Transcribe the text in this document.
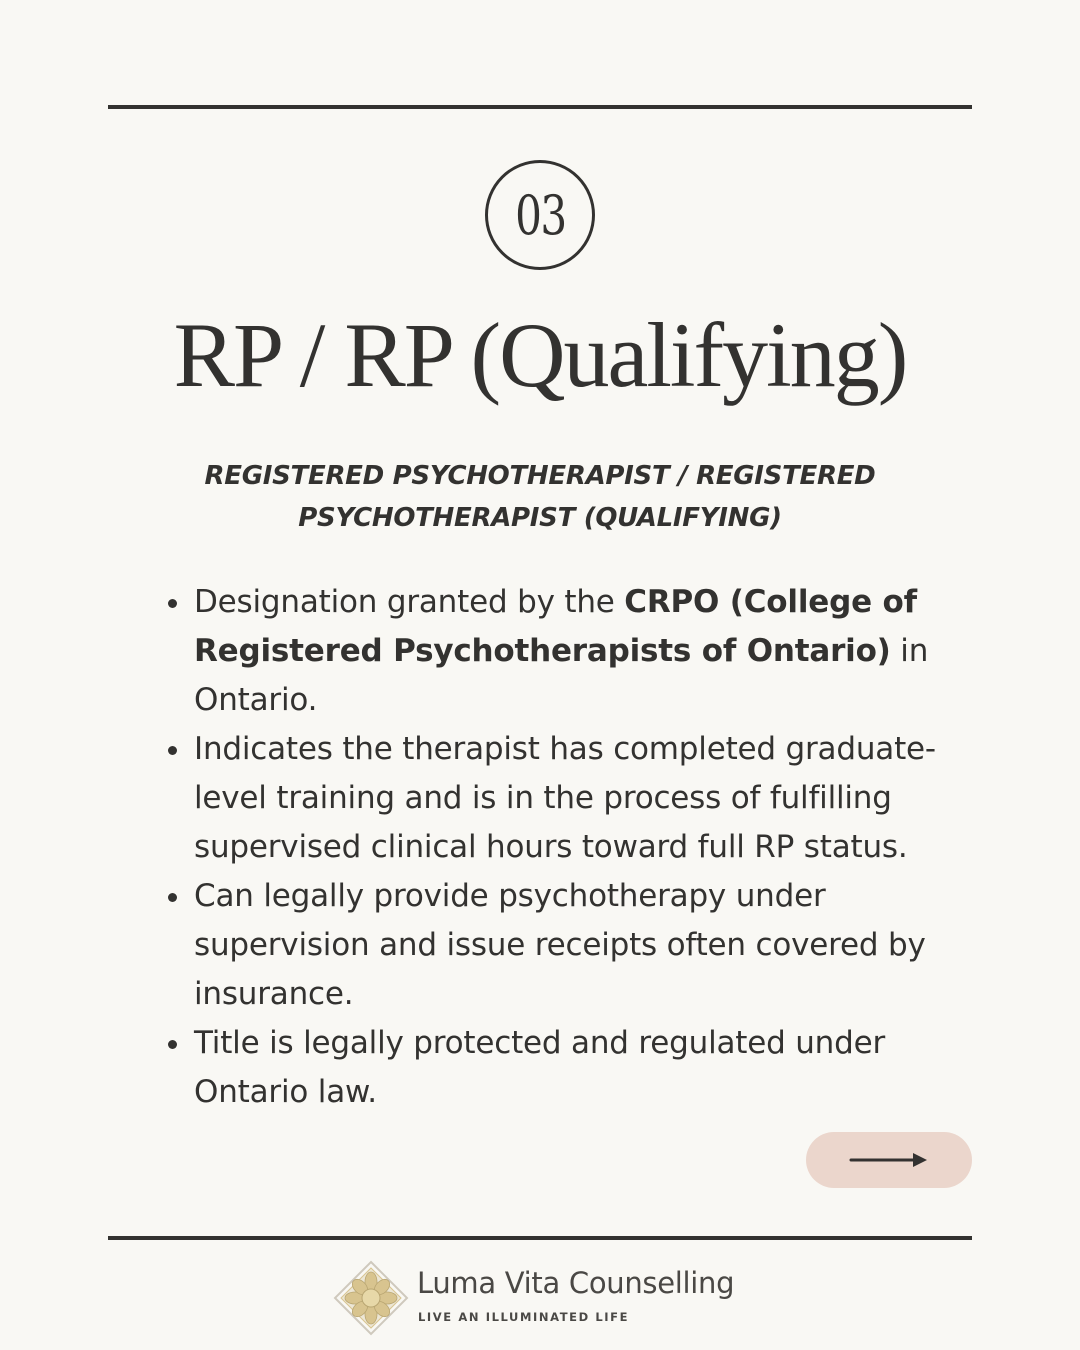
03
RP / RP (Qualifying)

REGISTERED PSYCHOTHERAPIST / REGISTERED
PSYCHOTHERAPIST (QUALIFYING)

Designation granted by the CRPO (College of Registered Psychotherapists of Ontario) in Ontario.
Indicates the therapist has completed graduate-level training and is in the process of fulfilling supervised clinical hours toward full RP status.
Can legally provide psychotherapy under supervision and issue receipts often covered by insurance.
Title is legally protected and regulated under Ontario law.
Luma Vita Counselling
LIVE AN ILLUMINATED LIFE
